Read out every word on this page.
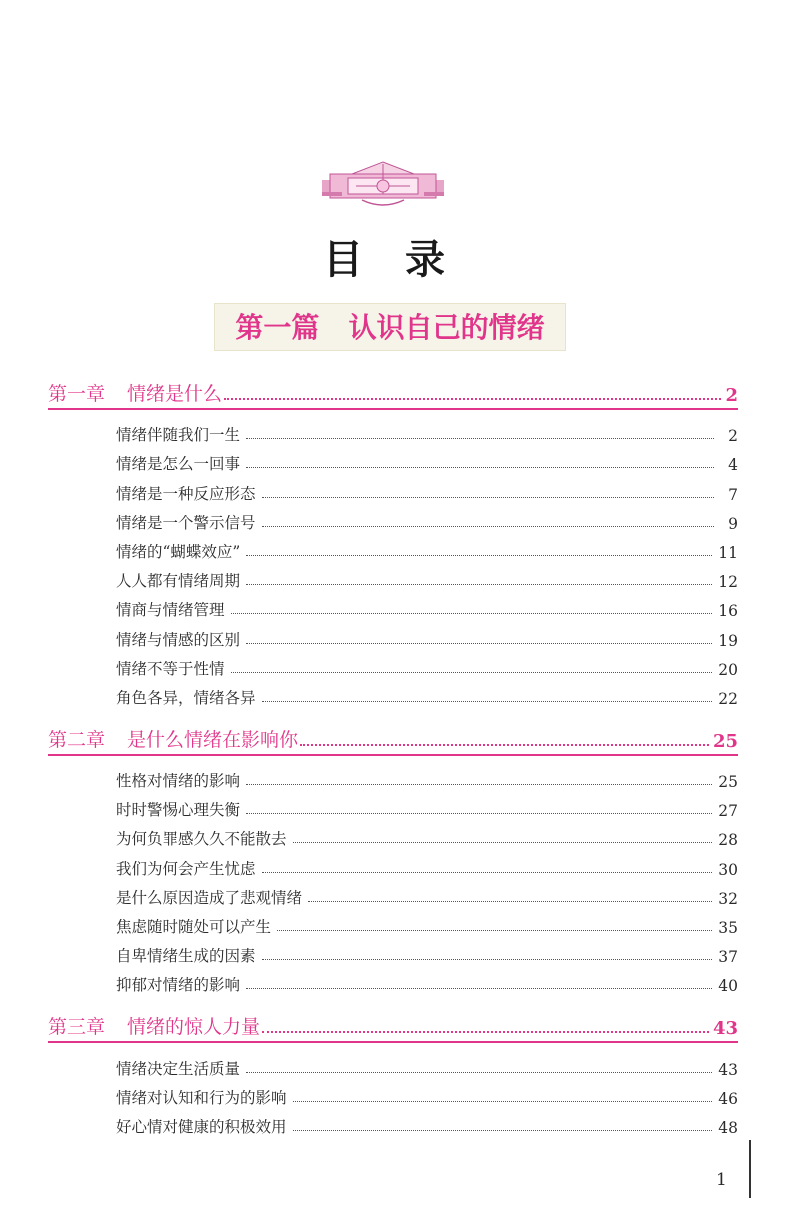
目 录
第一篇 认识自己的情绪
第一章 情绪是什么	2
情绪伴随我们一生	2
情绪是怎么一回事	4
情绪是一种反应形态	7
情绪是一个警示信号	9
情绪的“蝴蝶效应”	11
人人都有情绪周期	12
情商与情绪管理	16
情绪与情感的区别	19
情绪不等于性情	20
角色各异，情绪各异	22
第二章 是什么情绪在影响你	25
性格对情绪的影响	25
时时警惕心理失衡	27
为何负罪感久久不能散去	28
我们为何会产生忧虑	30
是什么原因造成了悲观情绪	32
焦虑随时随处可以产生	35
自卑情绪生成的因素	37
抑郁对情绪的影响	40
第三章 情绪的惊人力量	43
情绪决定生活质量	43
情绪对认知和行为的影响	46
好心情对健康的积极效用	48
1
